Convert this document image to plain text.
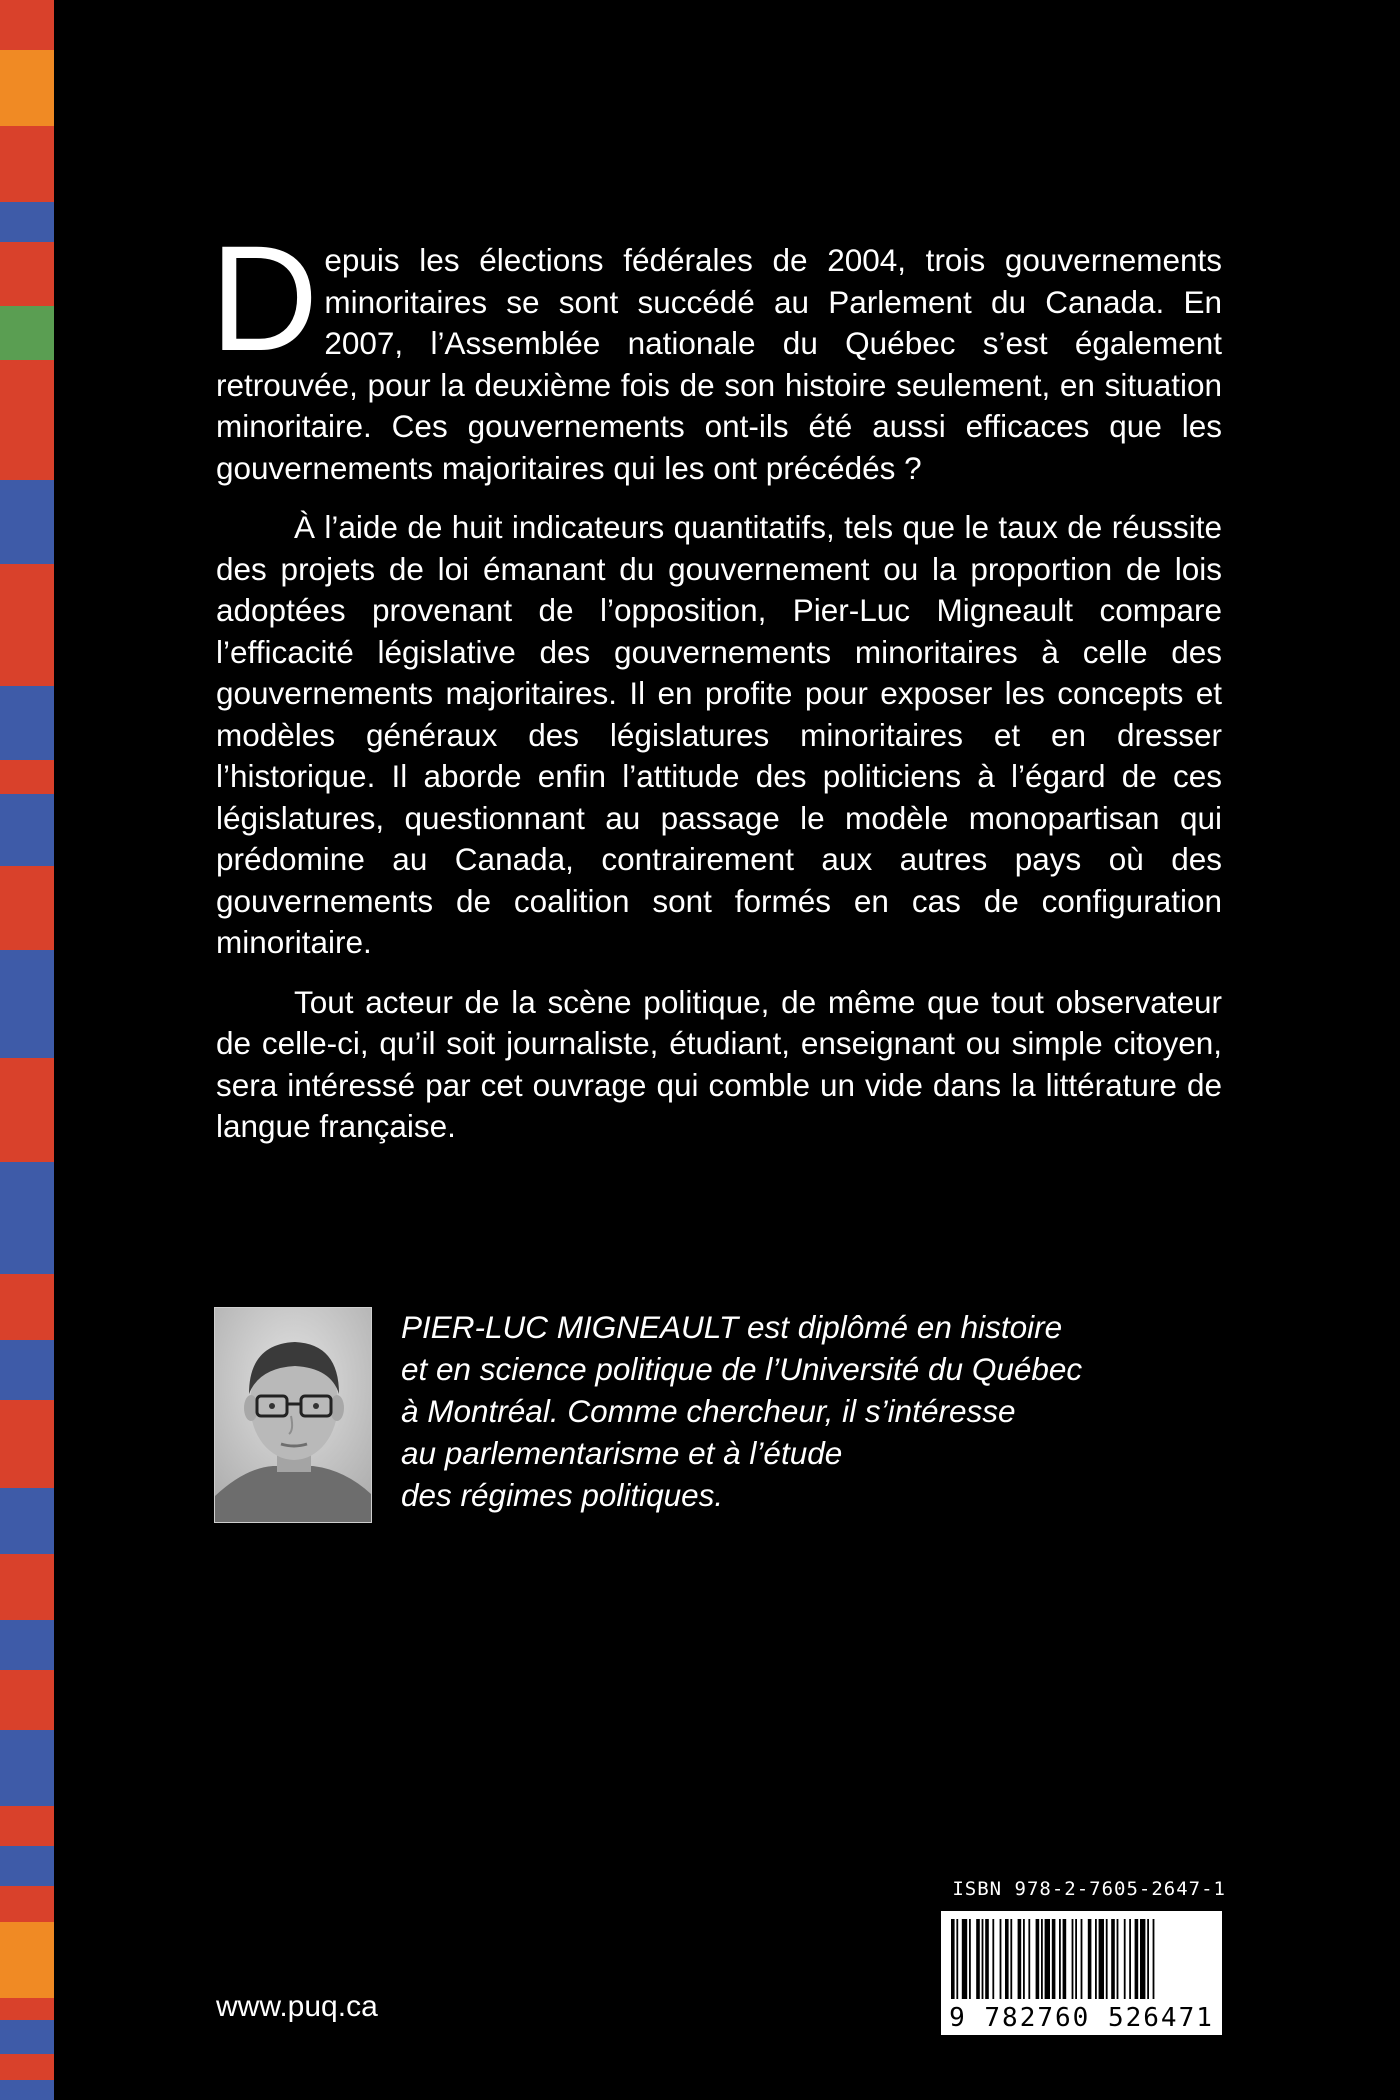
Depuis les élections fédérales de 2004, trois gouvernements minoritaires se sont succédé au Parlement du Canada. En 2007, l’Assemblée nationale du Québec s’est également retrouvée, pour la deuxième fois de son histoire seulement, en situation minoritaire. Ces gouvernements ont-ils été aussi efficaces que les gouvernements majoritaires qui les ont précédés ?

À l’aide de huit indicateurs quantitatifs, tels que le taux de réussite des projets de loi émanant du gouvernement ou la proportion de lois adoptées provenant de l’opposition, Pier-Luc Migneault compare l’efficacité législative des gouvernements minoritaires à celle des gouvernements majoritaires. Il en profite pour exposer les concepts et modèles généraux des législatures minoritaires et en dresser l’historique. Il aborde enfin l’attitude des politiciens à l’égard de ces législatures, questionnant au passage le modèle monopartisan qui prédomine au Canada, contrairement aux autres pays où des gouvernements de coalition sont formés en cas de configuration minoritaire.

Tout acteur de la scène politique, de même que tout observateur de celle-ci, qu’il soit journaliste, étudiant, enseignant ou simple citoyen, sera intéressé par cet ouvrage qui comble un vide dans la littérature de langue française.

PIER-LUC MIGNEAULT est diplômé en histoire
et en science politique de l’Université du Québec
à Montréal. Comme chercheur, il s’intéresse
au parlementarisme et à l’étude
des régimes politiques.
ISBN 978-2-7605-2647-1
9 782760 526471
www.puq.ca
